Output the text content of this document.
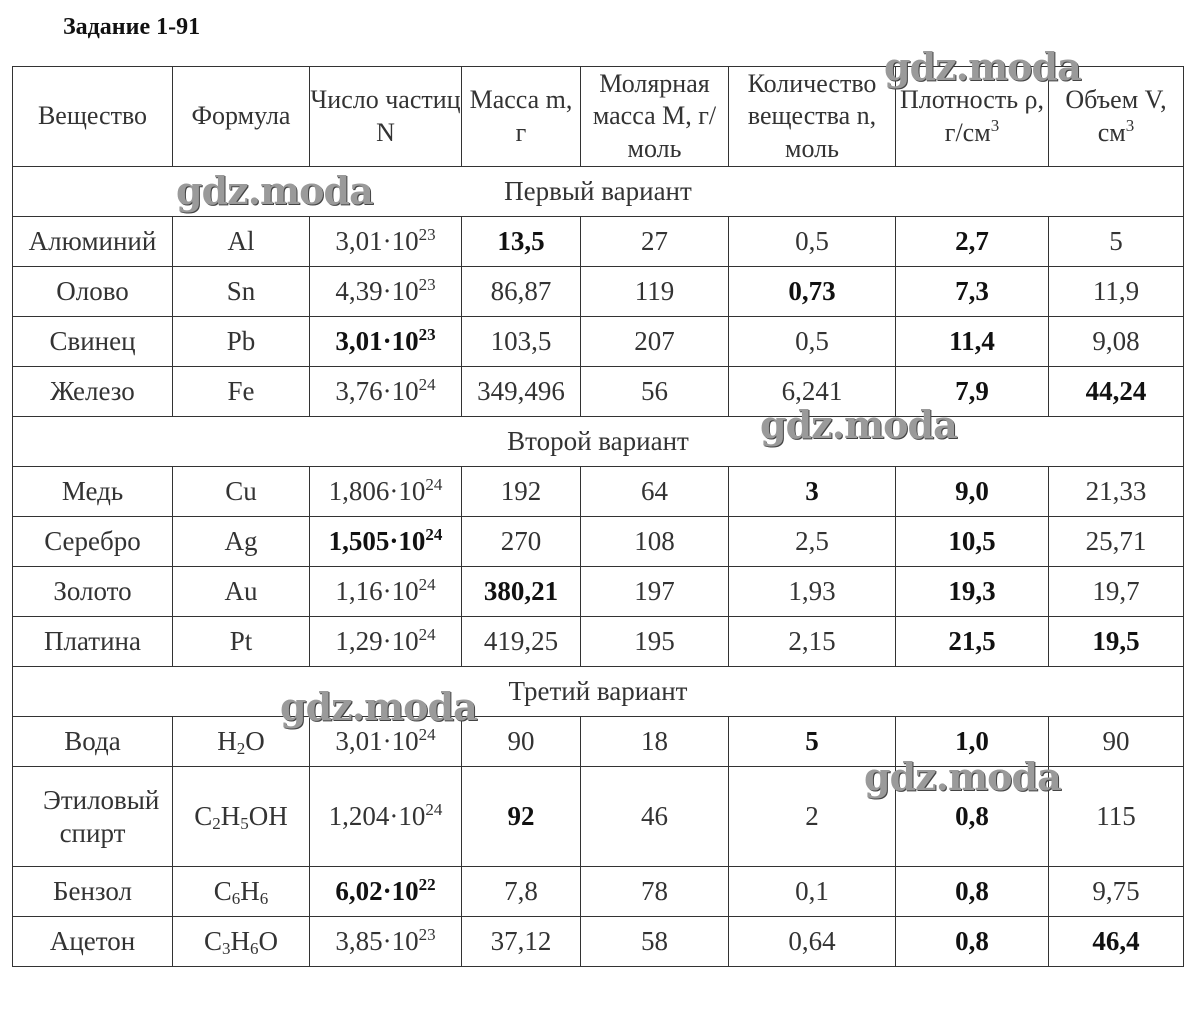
Задание 1-91
Вещество	Формула	Число частиц N	Масса m, г	Молярная масса М, г/моль	Количество вещества n, моль	Плотность ρ, $г/см^3$	Объем V, $см^3$
Первый вариант							
Алюминий	Al	$3,01\cdot 10^{23}$	13,5	27	0,5	2,7	5
Олово	Sn	$4,39\cdot 10^{23}$	86,87	119	0,73	7,3	11,9
Свинец	Pb	$3,01\cdot 10^{23}$	103,5	207	0,5	11,4	9,08
Железо	Fe	$3,76\cdot 10^{24}$	349,496	56	6,241	7,9	44,24
Второй вариант							
Медь	Cu	$1,806\cdot 10^{24}$	192	64	3	9,0	21,33
Серебро	Ag	$1,505\cdot 10^{24}$	270	108	2,5	10,5	25,71
Золото	Au	$1,16\cdot 10^{24}$	380,21	197	1,93	19,3	19,7
Платина	Pt	$1,29\cdot 10^{24}$	419,25	195	2,15	21,5	19,5
Третий вариант							
Вода	$H_2O$	$3,01\cdot 10^{24}$	90	18	5	1,0	90
Этиловый спирт	$C_2H_5OH$	$1,204\cdot 10^{24}$	92	46	2	0,8	115
Бензол	$C_6H_6$	$6,02\cdot 10^{22}$	7,8	78	0,1	0,8	9,75
Ацетон	$C_3H_6O$	$3,85\cdot 10^{23}$	37,12	58	0,64	0,8	46,4
gdz.moda
gdz.moda
gdz.moda
gdz.moda
gdz.moda
